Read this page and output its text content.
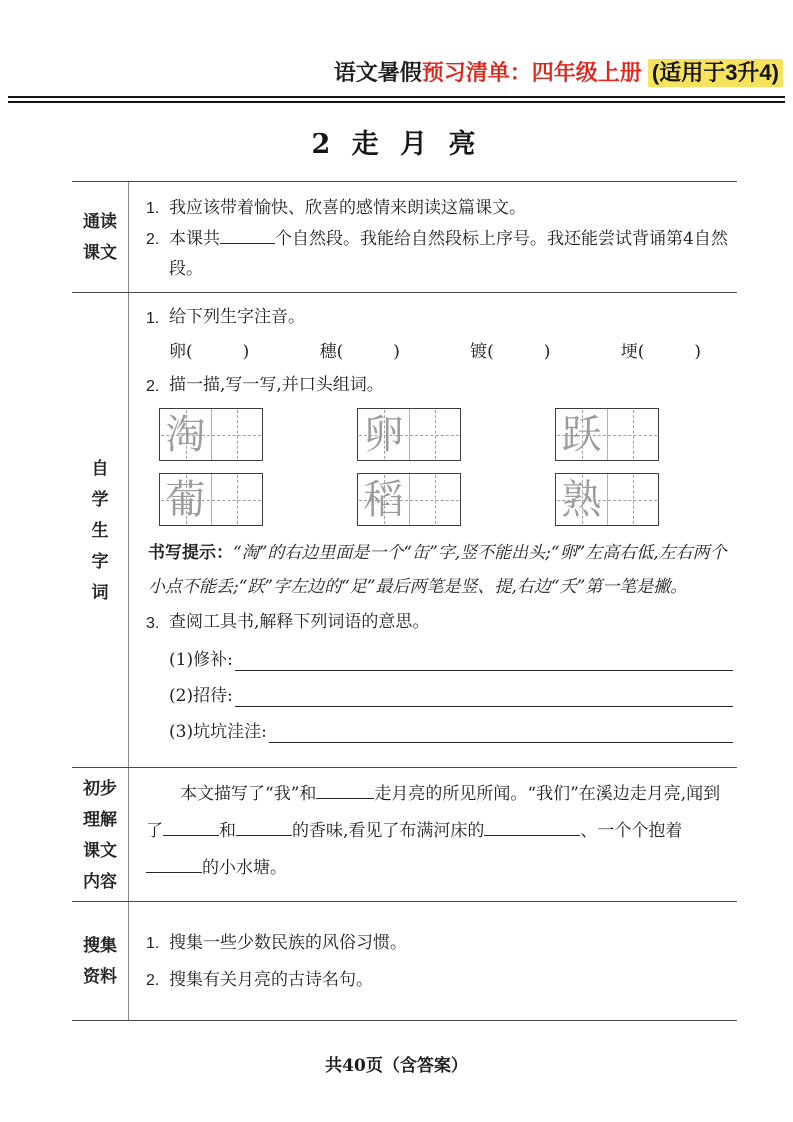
语文暑假预习清单：四年级上册 (适用于3升4)
2 走 月 亮
通读
课文
1. 我应该带着愉快、欣喜的感情来朗读这篇课文。
2. 本课共	个自然段。我能给自然段标上序号。我还能尝试背诵第4自然段。
自
学
生
字
词
1. 给下列生字注音。
卵(	)	穗(	)	镀(	)	埂(	)
2. 描一描,写一写,并口头组词。
淘	卵	跃
葡	稻	熟
书写提示：“淘”的右边里面是一个“缶”字,竖不能出头;“卵”左高右低,左右两个小点不能丢;“跃”字左边的“足”最后两笔是竖、提,右边“夭”第一笔是撇。
3. 查阅工具书,解释下列词语的意思。
(1)修补:
(2)招待:
(3)坑坑洼洼:
初步
理解
课文
内容
本文描写了“我”和	走月亮的所见所闻。“我们”在溪边走月亮,闻到了	和	的香味,看见了布满河床的	、一个个抱着的小水塘。
搜集
资料
1. 搜集一些少数民族的风俗习惯。
2. 搜集有关月亮的古诗名句。
共40页（含答案）
